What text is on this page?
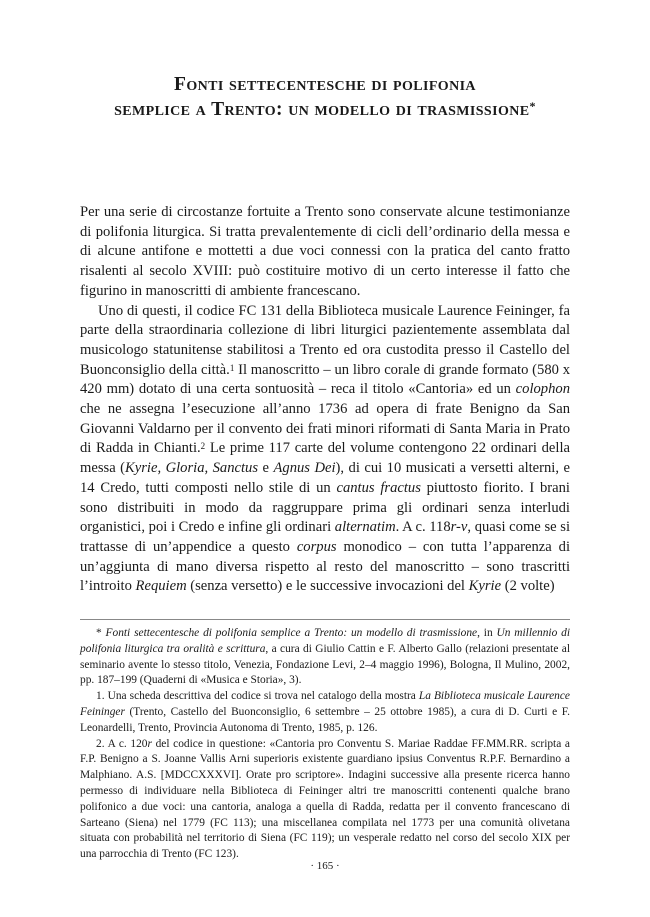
Fonti settecentesche di polifonia
semplice a Trento: un modello di trasmissione*

Per una serie di circostanze fortuite a Trento sono conservate alcune testimonianze di polifonia liturgica. Si tratta prevalentemente di cicli dell’ordinario della messa e di alcune antifone e mottetti a due voci connessi con la pratica del canto fratto risalenti al secolo XVIII: può costituire motivo di un certo interesse il fatto che figurino in manoscritti di ambiente francescano.

Uno di questi, il codice FC 131 della Biblioteca musicale Laurence Feininger, fa parte della straordinaria collezione di libri liturgici pazientemente assemblata dal musicologo statunitense stabilitosi a Trento ed ora custodita presso il Castello del Buonconsiglio della città.$^1$ Il manoscritto – un libro corale di grande formato (580 x 420 mm) dotato di una certa sontuosità – reca il titolo «Cantoria» ed un colophon che ne assegna l’esecuzione all’anno 1736 ad opera di frate Benigno da San Giovanni Valdarno per il convento dei frati minori riformati di Santa Maria in Prato di Radda in Chianti.$^2$ Le prime 117 carte del volume contengono 22 ordinari della messa (Kyrie, Gloria, Sanctus e Agnus Dei), di cui 10 musicati a versetti alterni, e 14 Credo, tutti composti nello stile di un cantus fractus piuttosto fiorito. I brani sono distribuiti in modo da raggruppare prima gli ordinari senza interludi organistici, poi i Credo e infine gli ordinari alternatim. A c. 118r-v, quasi come se si trattasse di un’appendice a questo corpus monodico – con tutta l’apparenza di un’aggiunta di mano diversa rispetto al resto del manoscritto – sono trascritti l’introito Requiem (senza versetto) e le successive invocazioni del Kyrie (2 volte)

* Fonti settecentesche di polifonia semplice a Trento: un modello di trasmissione, in Un millennio di polifonia liturgica tra oralità e scrittura, a cura di Giulio Cattin e F. Alberto Gallo (relazioni presentate al seminario avente lo stesso titolo, Venezia, Fondazione Levi, 2–4 maggio 1996), Bologna, Il Mulino, 2002, pp. 187–199 (Quaderni di «Musica e Storia», 3).

1. Una scheda descrittiva del codice si trova nel catalogo della mostra La Biblioteca musicale Laurence Feininger (Trento, Castello del Buonconsiglio, 6 settembre – 25 ottobre 1985), a cura di D. Curti e F. Leonardelli, Trento, Provincia Autonoma di Trento, 1985, p. 126.

2. A c. 120r del codice in questione: «Cantoria pro Conventu S. Mariae Raddae FF.MM.RR. scripta a F.P. Benigno a S. Joanne Vallis Arni superioris existente guardiano ipsius Conventus R.P.F. Bernardino a Malphiano. A.S. [MDCCXXXVI]. Orate pro scriptore». Indagini successive alla presente ricerca hanno permesso di individuare nella Biblioteca di Feininger altri tre manoscritti contenenti qualche brano polifonico a due voci: una cantoria, analoga a quella di Radda, redatta per il convento francescano di Sarteano (Siena) nel 1779 (FC 113); una miscellanea compilata nel 1773 per una comunità olivetana situata con probabilità nel territorio di Siena (FC 119); un vesperale redatto nel corso del secolo XIX per una parrocchia di Trento (FC 123).

· 165 ·
